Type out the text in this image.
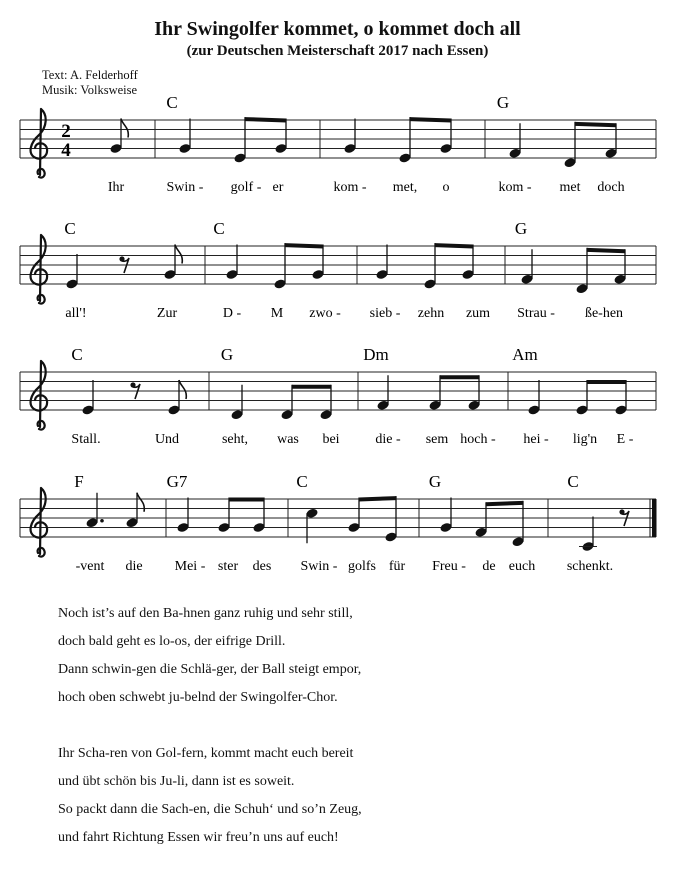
Ihr Swingolfer kommet, o kommet doch all
(zur Deutschen Meisterschaft 2017 nach Essen)
Text: A. Felderhoff
Musik: Volksweise
2
4
C	G
Ihr	Swin - golf - er	kom - met, o	kom - met doch
C	C	G
all'!	Zur	D - M zwo - sieb - zehn zum Strau - ße-hen
C	G	Dm	Am
Stall.	Und	seht, was bei	die - sem hoch - hei - lig'n E -
F	G7	C	G	C
-vent die Mei - ster des Swin - golfs für Freu - de euch schenkt.
Noch ist’s auf den Ba-hnen ganz ruhig und sehr still,
doch bald geht es lo-os, der eifrige Drill.
Dann schwin-gen die Schlä-ger, der Ball steigt empor,
hoch oben schwebt ju-belnd der Swingolfer-Chor.
Ihr Scha-ren von Gol-fern, kommt macht euch bereit
und übt schön bis Ju-li, dann ist es soweit.
So packt dann die Sach-en, die Schuh‘ und so’n Zeug,
und fahrt Richtung Essen wir freu’n uns auf euch!
